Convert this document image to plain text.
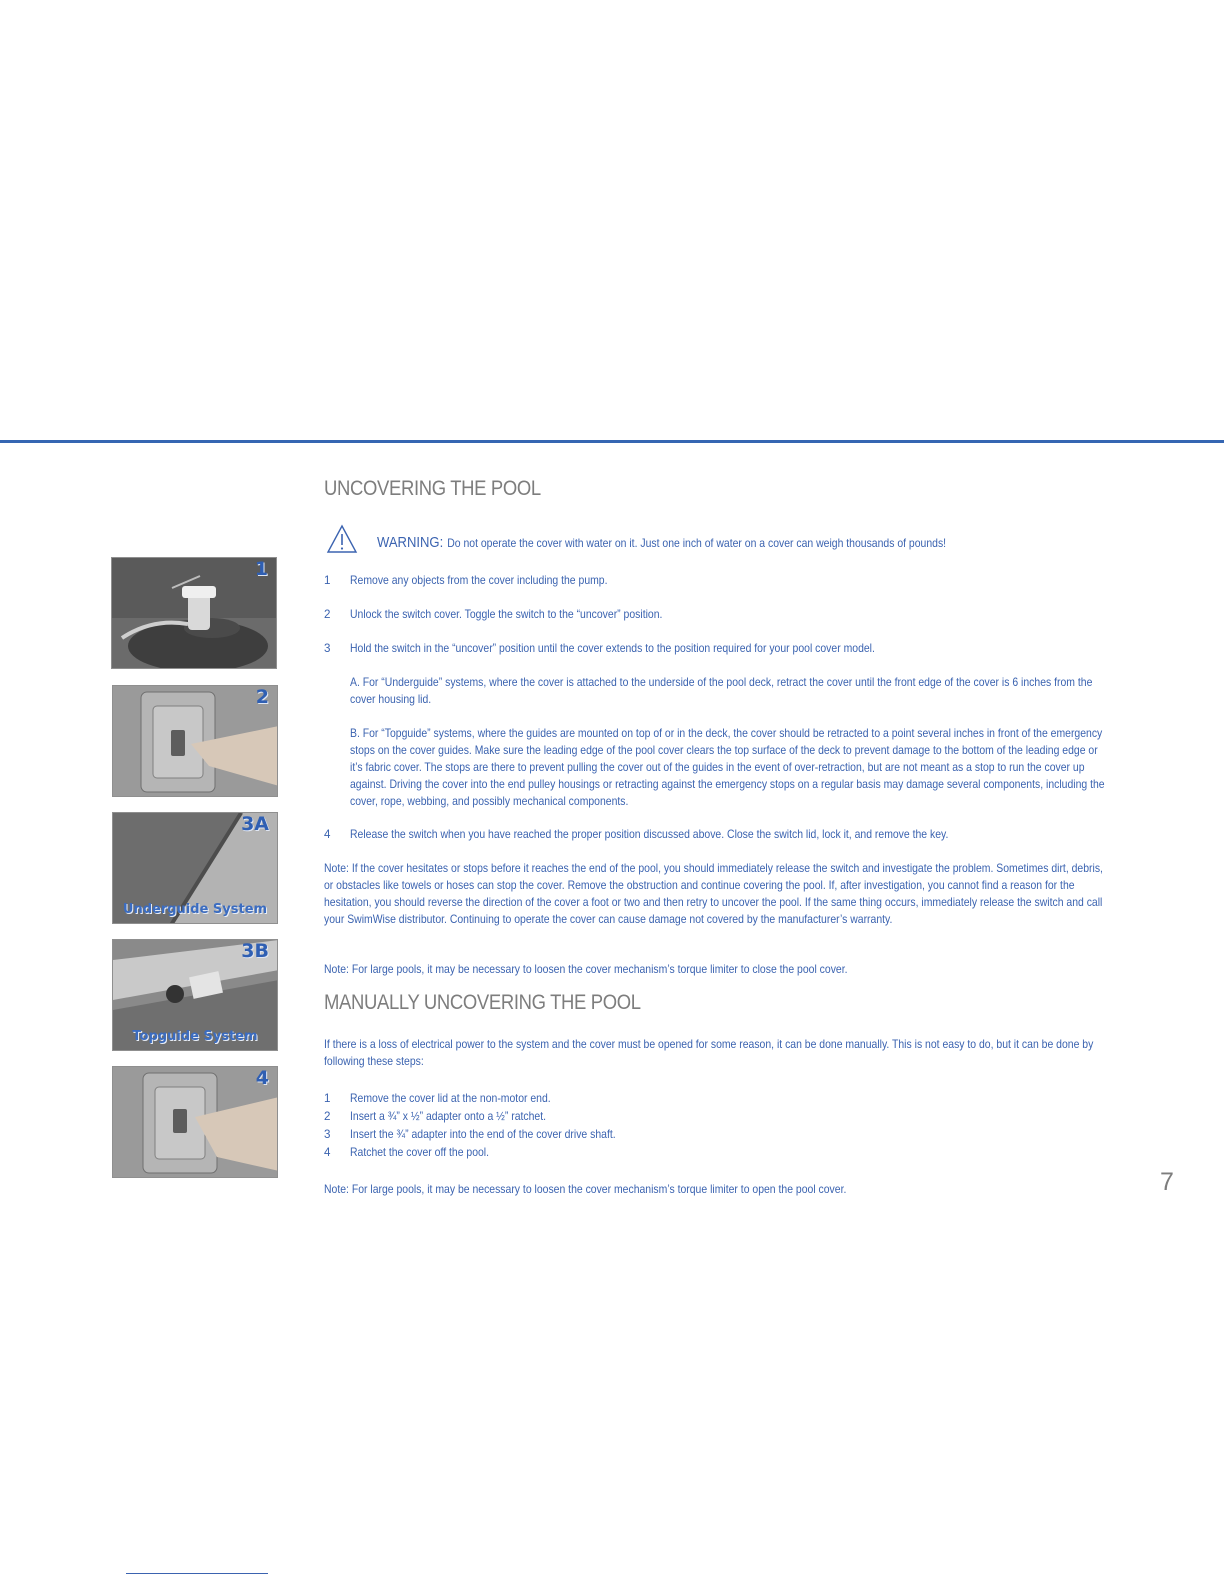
1
2
3A
Underguide System
3B
Topguide System
4
UNCOVERING THE POOL
WARNING: Do not operate the cover with water on it. Just one inch of water on a cover can weigh thousands of pounds!
1 Remove any objects from the cover including the pump.
2 Unlock the switch cover. Toggle the switch to the “uncover” position.
3 Hold the switch in the “uncover” position until the cover extends to the position required for your pool cover model.
A. For “Underguide” systems, where the cover is attached to the underside of the pool deck, retract the cover until the front edge of the cover is 6 inches from the cover housing lid.
B. For “Topguide” systems, where the guides are mounted on top of or in the deck, the cover should be retracted to a point several inches in front of the emergency stops on the cover guides. Make sure the leading edge of the pool cover clears the top surface of the deck to prevent damage to the bottom of the leading edge or it’s fabric cover. The stops are there to prevent pulling the cover out of the guides in the event of over-retraction, but are not meant as a stop to run the cover up against. Driving the cover into the end pulley housings or retracting against the emergency stops on a regular basis may damage several components, including the cover, rope, webbing, and possibly mechanical components.
4 Release the switch when you have reached the proper position discussed above. Close the switch lid, lock it, and remove the key.
Note: If the cover hesitates or stops before it reaches the end of the pool, you should immediately release the switch and investigate the problem. Sometimes dirt, debris, or obstacles like towels or hoses can stop the cover. Remove the obstruction and continue covering the pool. If, after investigation, you cannot find a reason for the hesitation, you should reverse the direction of the cover a foot or two and then retry to uncover the pool. If the same thing occurs, immediately release the switch and call your SwimWise distributor. Continuing to operate the cover can cause damage not covered by the manufacturer’s warranty.
Note: For large pools, it may be necessary to loosen the cover mechanism’s torque limiter to close the pool cover.
MANUALLY UNCOVERING THE POOL
If there is a loss of electrical power to the system and the cover must be opened for some reason, it can be done manually. This is not easy to do, but it can be done by following these steps:
1 Remove the cover lid at the non-motor end.
2 Insert a ¾” x ½” adapter onto a ½” ratchet.
3 Insert the ¾” adapter into the end of the cover drive shaft.
4 Ratchet the cover off the pool.
Note: For large pools, it may be necessary to loosen the cover mechanism’s torque limiter to open the pool cover.	7
